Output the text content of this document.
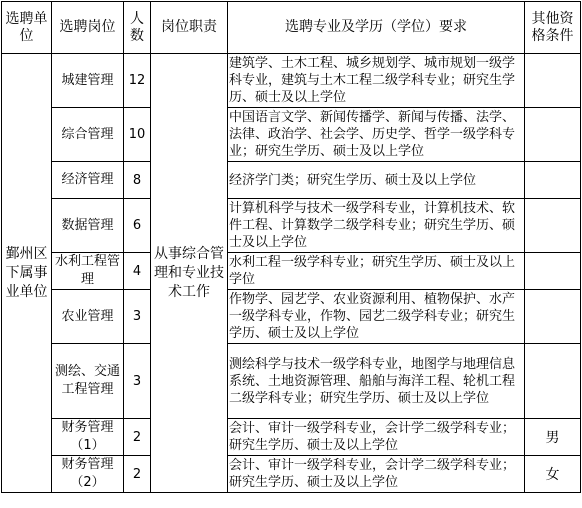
选聘单位	选聘岗位	人数	岗位职责	选聘专业及学历（学位）要求	其他资格条件
鄞州区下属事业单位	城建管理	12	从事综合管理和专业技术工作	建筑学、土木工程、城乡规划学、城市规划一级学科专业，建筑与土木工程二级学科专业；研究生学历、硕士及以上学位	
	综合管理	10		中国语言文学、新闻传播学、新闻与传播、法学、法律、政治学、社会学、历史学、哲学一级学科专业；研究生学历、硕士及以上学位	
	经济管理	8		经济学门类；研究生学历、硕士及以上学位	
	数据管理	6		计算机科学与技术一级学科专业，计算机技术、软件工程、计算数学二级学科专业；研究生学历、硕士及以上学位	
	水利工程管理	4		水利工程一级学科专业；研究生学历、硕士及以上学位	
	农业管理	3		作物学、园艺学、农业资源利用、植物保护、水产一级学科专业，作物、园艺二级学科专业；研究生学历、硕士及以上学位	
	测绘、交通工程管理	3		测绘科学与技术一级学科专业，地图学与地理信息系统、土地资源管理、船舶与海洋工程、轮机工程二级学科专业；研究生学历、硕士及以上学位	
	财务管理（1）	2		会计、审计一级学科专业，会计学二级学科专业；研究生学历、硕士及以上学位	男
	财务管理（2）	2		会计、审计一级学科专业，会计学二级学科专业；研究生学历、硕士及以上学位	女
